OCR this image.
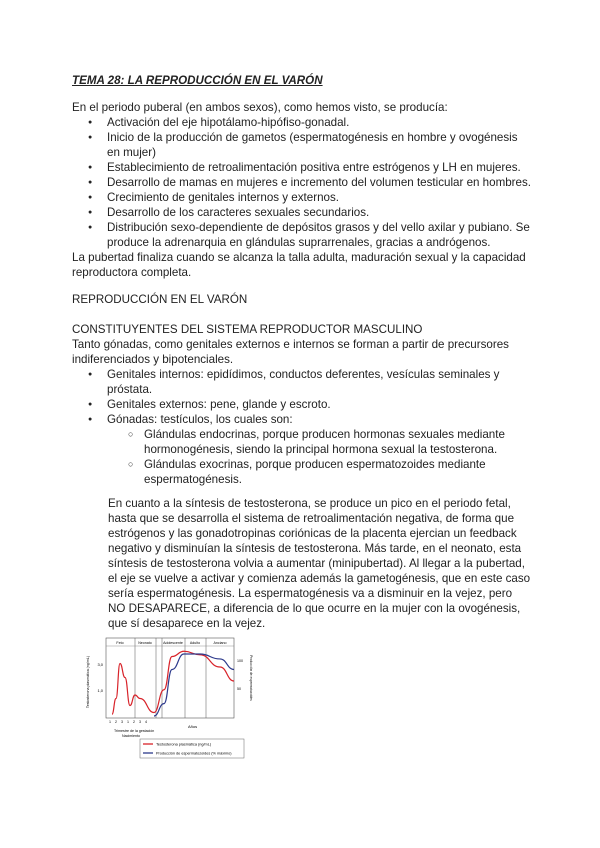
TEMA 28: LA REPRODUCCIÓN EN EL VARÓN

En el periodo puberal (en ambos sexos), como hemos visto, se producía:

● Activación del eje hipotálamo-hipófiso-gonadal.
● Inicio de la producción de gametos (espermatogénesis en hombre y ovogénesis en mujer)
● Establecimiento de retroalimentación positiva entre estrógenos y LH en mujeres.
● Desarrollo de mamas en mujeres e incremento del volumen testicular en hombres.
● Crecimiento de genitales internos y externos.
● Desarrollo de los caracteres sexuales secundarios.
● Distribución sexo-dependiente de depósitos grasos y del vello axilar y pubiano. Se produce la adrenarquia en glándulas suprarrenales, gracias a andrógenos.

La pubertad finaliza cuando se alcanza la talla adulta, maduración sexual y la capacidad reproductora completa.

REPRODUCCIÓN EN EL VARÓN

CONSTITUYENTES DEL SISTEMA REPRODUCTOR MASCULINO

Tanto gónadas, como genitales externos e internos se forman a partir de precursores indiferenciados y bipotenciales.

● Genitales internos: epidídimos, conductos deferentes, vesículas seminales y próstata.
● Genitales externos: pene, glande y escroto.
● Gónadas: testículos, los cuales son:
○ Glándulas endocrinas, porque producen hormonas sexuales mediante hormonogénesis, siendo la principal hormona sexual la testosterona.
○ Glándulas exocrinas, porque producen espermatozoides mediante espermatogénesis.
En cuanto a la síntesis de testosterona, se produce un pico en el periodo fetal, hasta que se desarrolla el sistema de retroalimentación negativa, de forma que estrógenos y las gonadotropinas coriónicas de la placenta ejercian un feedback negativo y disminuían la síntesis de testosterona. Más tarde, en el neonato, esta síntesis de testosterona volvia a aumentar (minipubertad). Al llegar a la pubertad, el eje se vuelve a activar y comienza además la gametogénesis, que en este caso sería espermatogénesis. La espermatogénesis va a disminuir en la vejez, pero NO DESAPARECE, a diferencia de lo que ocurre en la mujer con la ovogénesis, que sí desaparece en la vejez.
Feto	Neonato	Adolescente Adulto	Anciano
3,0
1,0
100
50
Testosterona plasmática (ng/mL)	Producción de espermatozoides
1 2 3 1 2 3 4
Trimestre de la gestación
Nacimiento
Años
Testosterona plasmática (ng/mL)
Producción de espermatozoides (% máximo)
